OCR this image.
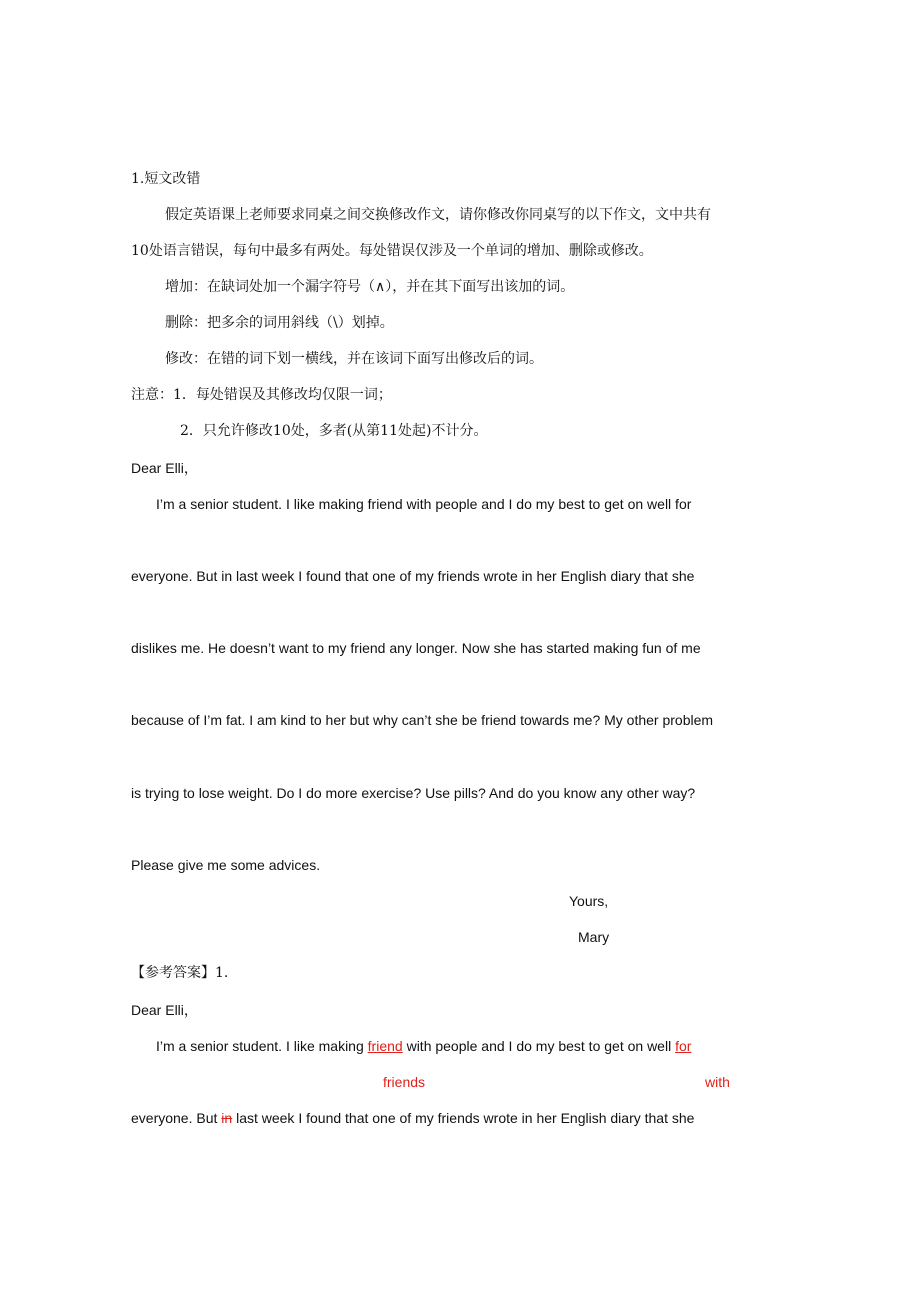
1.短文改错
假定英语课上老师要求同桌之间交换修改作文，请你修改你同桌写的以下作文，文中共有
10处语言错误，每句中最多有两处。每处错误仅涉及一个单词的增加、删除或修改。
增加：在缺词处加一个漏字符号（∧），并在其下面写出该加的词。
删除：把多余的词用斜线（\）划掉。
修改：在错的词下划一横线，并在该词下面写出修改后的词。
注意：1．每处错误及其修改均仅限一词；
2．只允许修改10处，多者(从第11处起)不计分。
Dear Elli，
I’m a senior student. I like making friend with people and I do my best to get on well for
everyone. But in last week I found that one of my friends wrote in her English diary that she
dislikes me. He doesn’t want to my friend any longer. Now she has started making fun of me
because of I’m fat. I am kind to her but why can’t she be friend towards me? My other problem
is trying to lose weight. Do I do more exercise? Use pills? And do you know any other way?
Please give me some advices.
Yours,
Mary
【参考答案】1.
Dear Elli，
I’m a senior student. I like making friend with people and I do my best to get on well for
friends	with
everyone. But in last week I found that one of my friends wrote in her English diary that she
